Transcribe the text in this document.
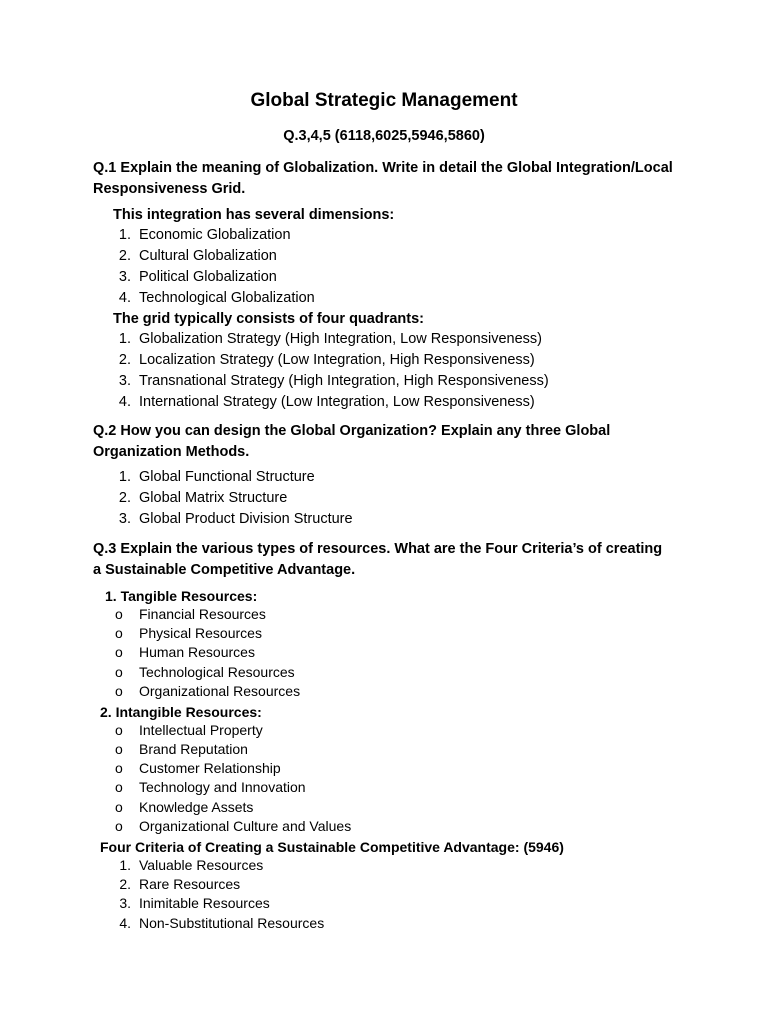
Global Strategic Management
Q.3,4,5 (6118,6025,5946,5860)
Q.1 Explain the meaning of Globalization. Write in detail the Global Integration/Local Responsiveness Grid.
This integration has several dimensions:
1. Economic Globalization
2. Cultural Globalization
3. Political Globalization
4. Technological Globalization
The grid typically consists of four quadrants:
1. Globalization Strategy (High Integration, Low Responsiveness)
2. Localization Strategy (Low Integration, High Responsiveness)
3. Transnational Strategy (High Integration, High Responsiveness)
4. International Strategy (Low Integration, Low Responsiveness)
Q.2 How you can design the Global Organization? Explain any three Global Organization Methods.
1. Global Functional Structure
2. Global Matrix Structure
3. Global Product Division Structure
Q.3 Explain the various types of resources. What are the Four Criteria’s of creating a Sustainable Competitive Advantage.
1. Tangible Resources:
o	Financial Resources
o	Physical Resources
o	Human Resources
o	Technological Resources
o	Organizational Resources
2. Intangible Resources:
o	Intellectual Property
o	Brand Reputation
o	Customer Relationship
o	Technology and Innovation
o	Knowledge Assets
o	Organizational Culture and Values
Four Criteria of Creating a Sustainable Competitive Advantage: (5946)
1. Valuable Resources
2. Rare Resources
3. Inimitable Resources
4. Non-Substitutional Resources
